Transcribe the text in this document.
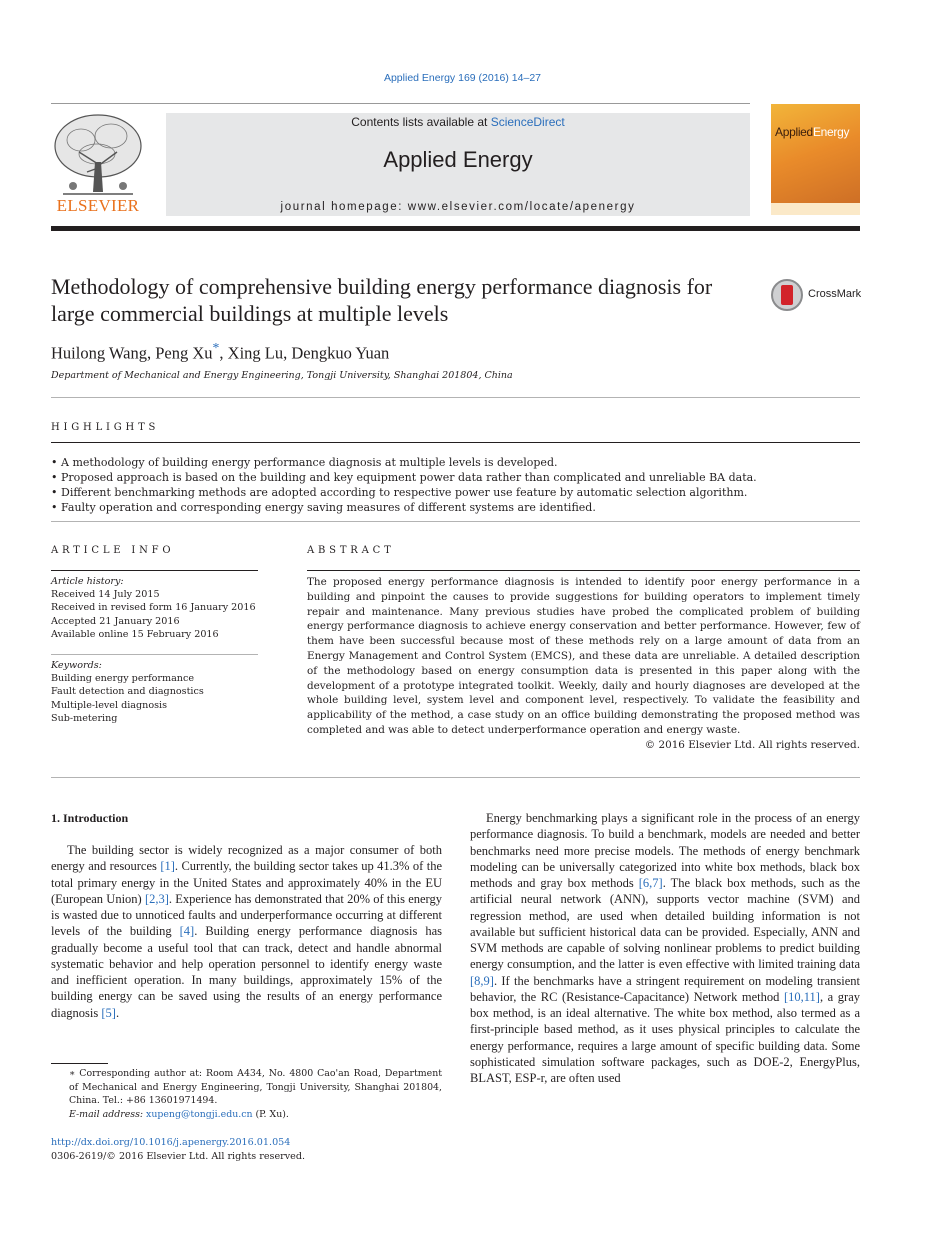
Applied Energy 169 (2016) 14–27
ELSEVIER
Contents lists available at ScienceDirect
Applied Energy
journal homepage: www.elsevier.com/locate/apenergy
AppliedEnergy
Methodology of comprehensive building energy performance diagnosis for large commercial buildings at multiple levels
CrossMark
Huilong Wang, Peng Xu*, Xing Lu, Dengkuo Yuan
Department of Mechanical and Energy Engineering, Tongji University, Shanghai 201804, China
HIGHLIGHTS
• A methodology of building energy performance diagnosis at multiple levels is developed.
• Proposed approach is based on the building and key equipment power data rather than complicated and unreliable BA data.
• Different benchmarking methods are adopted according to respective power use feature by automatic selection algorithm.
• Faulty operation and corresponding energy saving measures of different systems are identified.
ARTICLE INFO
Article history:
Received 14 July 2015
Received in revised form 16 January 2016
Accepted 21 January 2016
Available online 15 February 2016
Keywords:
Building energy performance
Fault detection and diagnostics
Multiple-level diagnosis
Sub-metering
ABSTRACT
The proposed energy performance diagnosis is intended to identify poor energy performance in a building and pinpoint the causes to provide suggestions for building operators to implement timely repair and maintenance. Many previous studies have probed the complicated problem of building energy performance diagnosis to achieve energy conservation and better performance. However, few of them have been successful because most of these methods rely on a large amount of data from an Energy Management and Control System (EMCS), and these data are unreliable. A detailed description of the methodology based on energy consumption data is presented in this paper along with the development of a prototype integrated toolkit. Weekly, daily and hourly diagnoses are developed at the whole building level, system level and component level, respectively. To validate the feasibility and applicability of the method, a case study on an office building demonstrating the proposed method was completed and was able to detect underperformance operation and energy waste.
© 2016 Elsevier Ltd. All rights reserved.
1. Introduction

The building sector is widely recognized as a major consumer of both energy and resources [1]. Currently, the building sector takes up 41.3% of the total primary energy in the United States and approximately 40% in the EU (European Union) [2,3]. Experience has demonstrated that 20% of this energy is wasted due to unnoticed faults and underperformance occurring at different levels of the building [4]. Building energy performance diagnosis has gradually become a useful tool that can track, detect and handle abnormal systematic behavior and help operation personnel to identify energy waste and inefficient operation. In many buildings, approximately 15% of the building energy can be saved using the results of an energy performance diagnosis [5].

Energy benchmarking plays a significant role in the process of an energy performance diagnosis. To build a benchmark, models are needed and better benchmarks need more precise models. The methods of energy benchmark modeling can be universally categorized into white box methods, black box methods and gray box methods [6,7]. The black box methods, such as the artificial neural network (ANN), supports vector machine (SVM) and regression method, are used when detailed building information is not available but sufficient historical data can be provided. Especially, ANN and SVM methods are capable of solving nonlinear problems to predict building energy consumption, and the latter is even effective with limited training data [8,9]. If the benchmarks have a stringent requirement on modeling transient behavior, the RC (Resistance-Capacitance) Network method [10,11], a gray box method, is an ideal alternative. The white box method, also termed as a first-principle based method, as it uses physical principles to calculate the energy performance, requires a large amount of specific building data. Some sophisticated simulation software packages, such as DOE-2, EnergyPlus, BLAST, ESP-r, are often used

∗ Corresponding author at: Room A434, No. 4800 Cao'an Road, Department of Mechanical and Energy Engineering, Tongji University, Shanghai 201804, China. Tel.: +86 13601971494.
E-mail address: xupeng@tongji.edu.cn (P. Xu).
http://dx.doi.org/10.1016/j.apenergy.2016.01.054
0306-2619/© 2016 Elsevier Ltd. All rights reserved.
